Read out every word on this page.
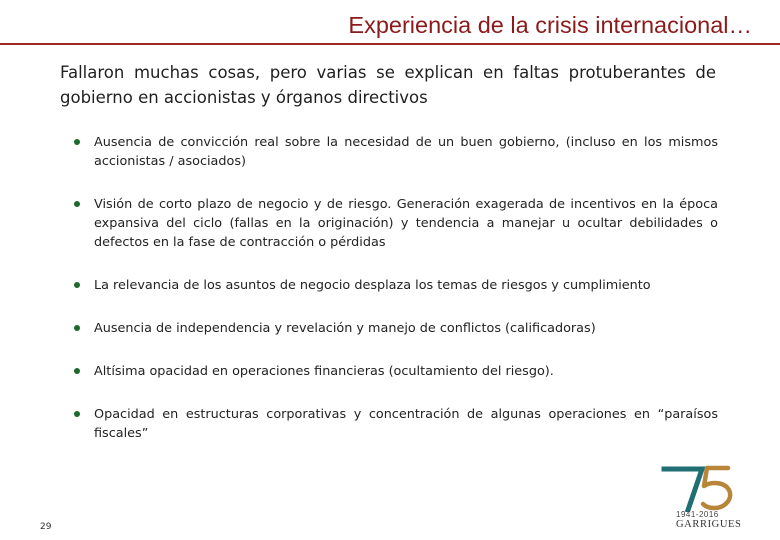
Experiencia de la crisis internacional…
Fallaron muchas cosas, pero varias se explican en faltas protuberantes de gobierno en accionistas y órganos directivos
Ausencia de convicción real sobre la necesidad de un buen gobierno, (incluso en los mismos accionistas / asociados)
Visión de corto plazo de negocio y de riesgo. Generación exagerada de incentivos en la época expansiva del ciclo (fallas en la originación) y tendencia a manejar u ocultar debilidades o defectos en la fase de contracción o pérdidas
La relevancia de los asuntos de negocio desplaza los temas de riesgos y cumplimiento
Ausencia de independencia y revelación y manejo de conflictos (calificadoras)
Altísima opacidad en operaciones financieras (ocultamiento del riesgo).
Opacidad en estructuras corporativas y concentración de algunas operaciones en “paraísos fiscales”
29
1941-2016
GARRIGUES
